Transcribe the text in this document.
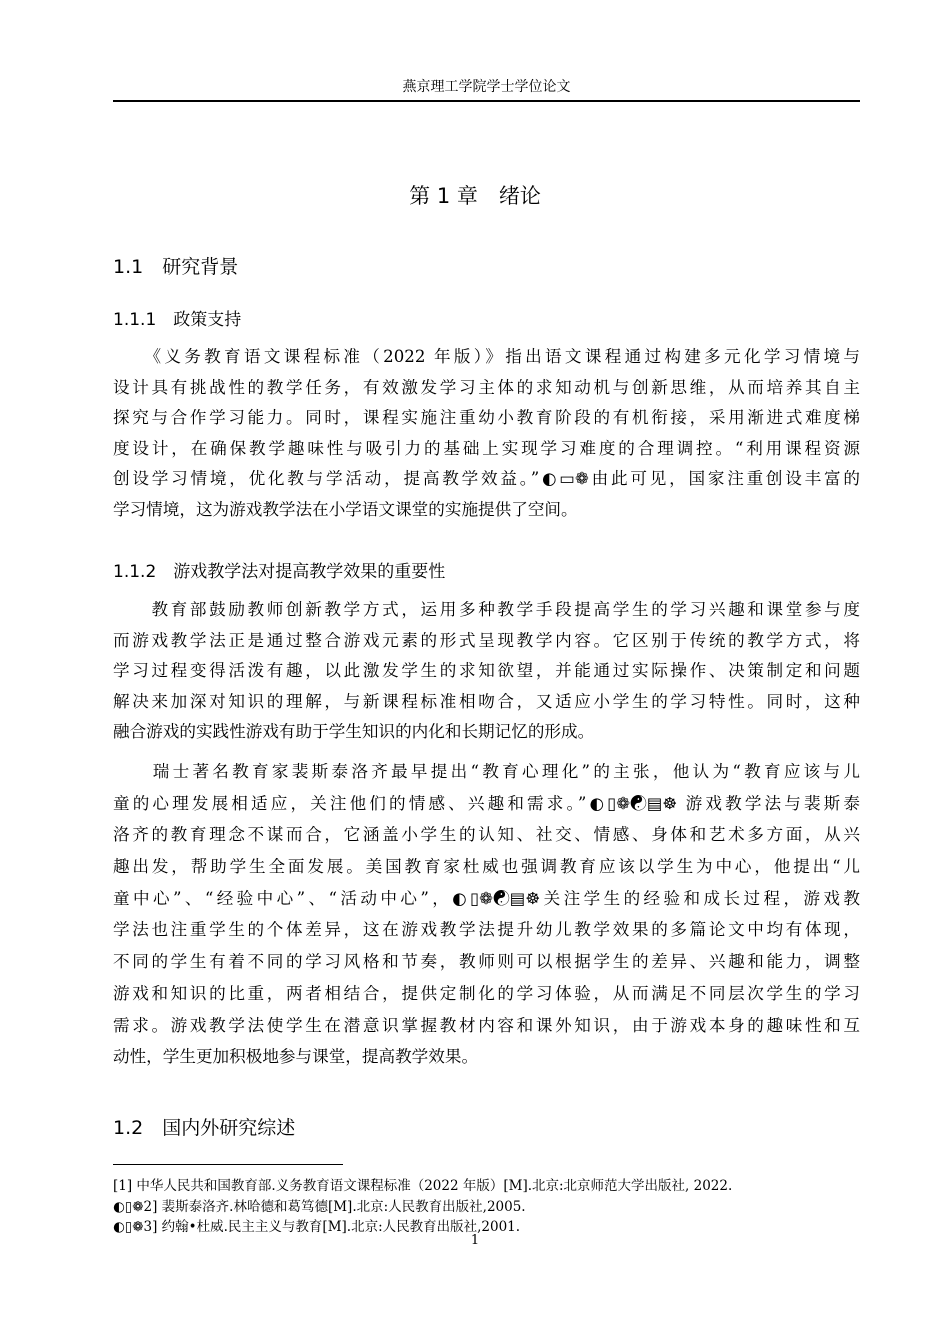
燕京理工学院学士学位论文
第 1 章　绪论
1.1　研究背景
1.1.1　政策支持
　　《义务教育语文课程标准（2022 年版）》指出语文课程通过构建多元化学习情境与
设计具有挑战性的教学任务，有效激发学习主体的求知动机与创新思维，从而培养其自主
探究与合作学习能力。同时，课程实施注重幼小教育阶段的有机衔接，采用渐进式难度梯
度设计，在确保教学趣味性与吸引力的基础上实现学习难度的合理调控。“利用课程资源
创设学习情境，优化教与学活动，提高教学效益。”◐▭❁由此可见，国家注重创设丰富的
学习情境，这为游戏教学法在小学语文课堂的实施提供了空间。
1.1.2　游戏教学法对提高教学效果的重要性
　　教育部鼓励教师创新教学方式，运用多种教学手段提高学生的学习兴趣和课堂参与度
而游戏教学法正是通过整合游戏元素的形式呈现教学内容。它区别于传统的教学方式，将
学习过程变得活泼有趣，以此激发学生的求知欲望，并能通过实际操作、决策制定和问题
解决来加深对知识的理解，与新课程标准相吻合，又适应小学生的学习特性。同时，这种
融合游戏的实践性游戏有助于学生知识的内化和长期记忆的形成。
　　瑞士著名教育家裴斯泰洛齐最早提出“教育心理化”的主张，他认为“教育应该与儿
童的心理发展相适应，关注他们的情感、兴趣和需求。”◐▯❁☯▤☸ 游戏教学法与裴斯泰
洛齐的教育理念不谋而合，它涵盖小学生的认知、社交、情感、身体和艺术多方面，从兴
趣出发，帮助学生全面发展。美国教育家杜威也强调教育应该以学生为中心，他提出“儿
童中心”、“经验中心”、“活动中心”，◐▯❁☯▤☸关注学生的经验和成长过程，游戏教
学法也注重学生的个体差异，这在游戏教学法提升幼儿教学效果的多篇论文中均有体现，
不同的学生有着不同的学习风格和节奏，教师则可以根据学生的差异、兴趣和能力，调整
游戏和知识的比重，两者相结合，提供定制化的学习体验，从而满足不同层次学生的学习
需求。游戏教学法使学生在潜意识掌握教材内容和课外知识，由于游戏本身的趣味性和互
动性，学生更加积极地参与课堂，提高教学效果。
1.2　国内外研究综述
[1] 中华人民共和国教育部.义务教育语文课程标准（2022 年版）[M].北京:北京师范大学出版社, 2022.
◐▯❁2] 裴斯泰洛齐.林哈德和葛笃德[M].北京:人民教育出版社,2005.
◐▯❁3] 约翰•杜威.民主主义与教育[M].北京:人民教育出版社,2001.
1
